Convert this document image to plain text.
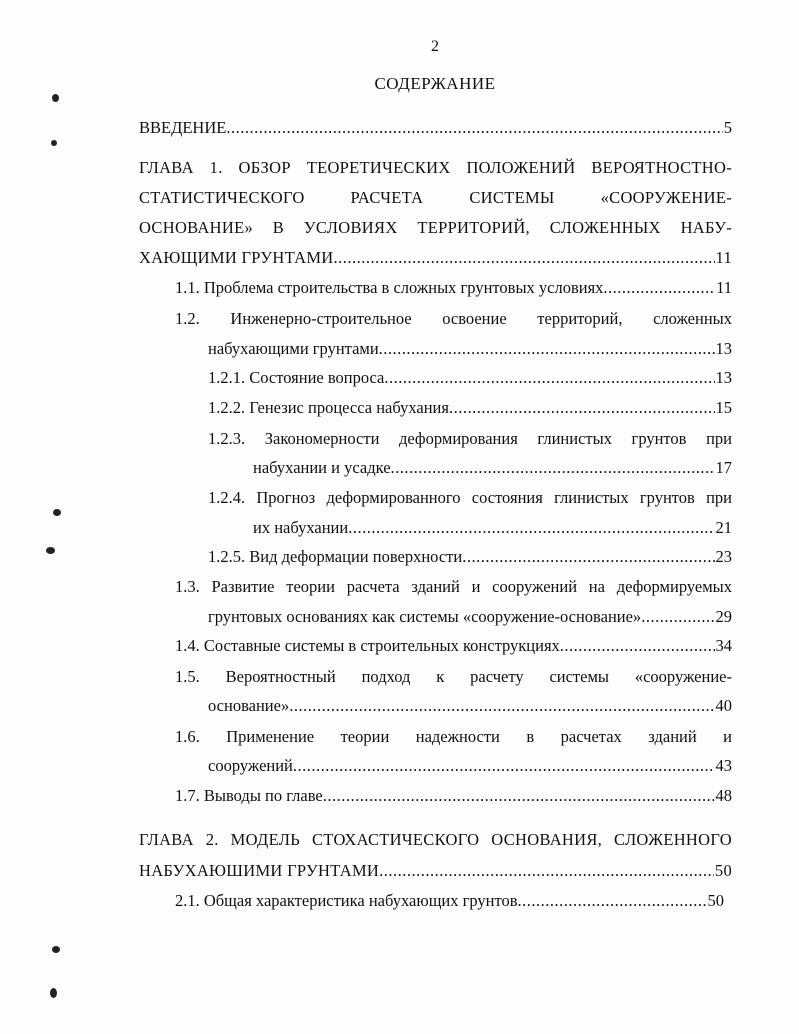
2
СОДЕРЖАНИЕ
ВВЕДЕНИЕ .....	5
ГЛАВА 1. ОБЗОР ТЕОРЕТИЧЕСКИХ ПОЛОЖЕНИЙ ВЕРОЯТНОСТНО-
СТАТИСТИЧЕСКОГО РАСЧЕТА СИСТЕМЫ «СООРУЖЕНИЕ-
ОСНОВАНИЕ» В УСЛОВИЯХ ТЕРРИТОРИЙ, СЛОЖЕННЫХ НАБУ-
ХАЮЩИМИ ГРУНТАМИ .....	11
1.1. Проблема строительства в сложных грунтовых условиях .....	11
1.2. Инженерно-строительное освоение территорий, сложенных
набухающими грунтами .....	13
1.2.1. Состояние вопроса .....	13
1.2.2. Генезис процесса набухания .....	15
1.2.3. Закономерности деформирования глинистых грунтов при
набухании и усадке .....	17
1.2.4. Прогноз деформированного состояния глинистых грунтов при
их набухании .....	21
1.2.5. Вид деформации поверхности .....	23
1.3. Развитие теории расчета зданий и сооружений на деформируемых
грунтовых основаниях как системы «сооружение-основание» .....	29
1.4. Составные системы в строительных конструкциях .....	34
1.5. Вероятностный подход к расчету системы «сооружение-
основание» .....	40
1.6. Применение теории надежности в расчетах зданий и
сооружений .....	43
1.7. Выводы по главе .....	48
ГЛАВА 2. МОДЕЛЬ СТОХАСТИЧЕСКОГО ОСНОВАНИЯ, СЛОЖЕННОГО
НАБУХАЮШИМИ ГРУНТАМИ .....	50
2.1. Общая характеристика набухающих грунтов .....	50
